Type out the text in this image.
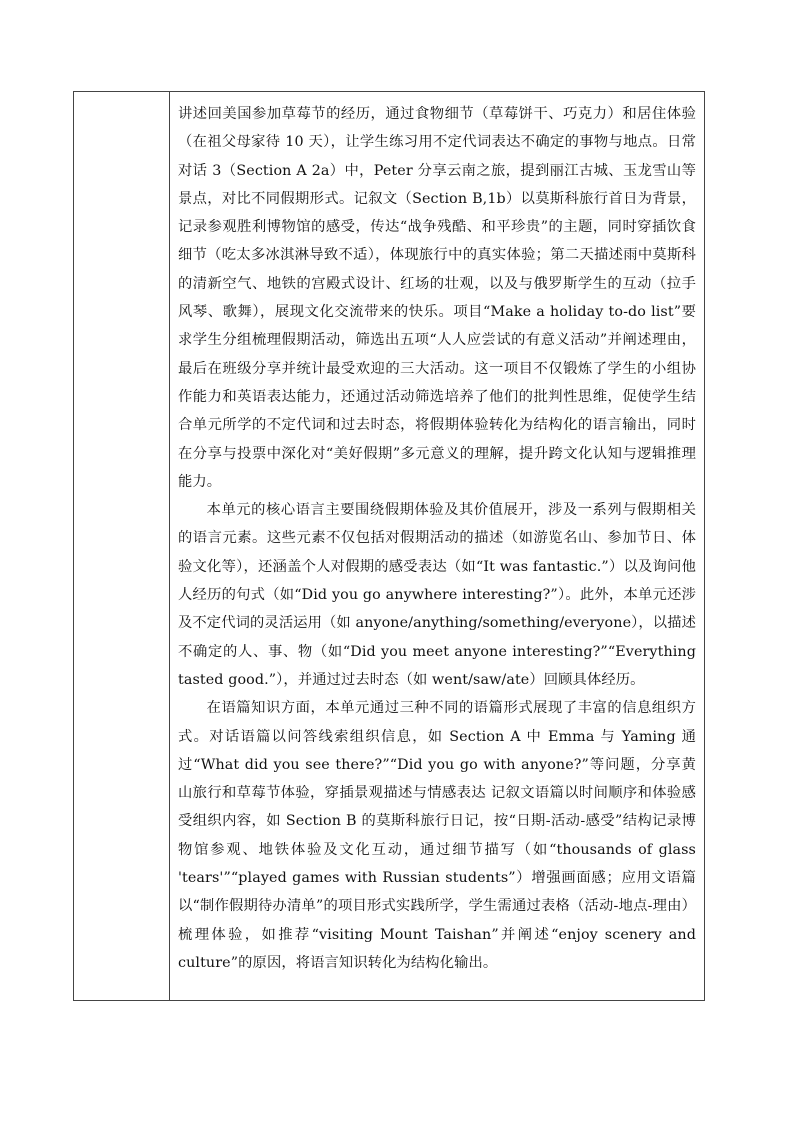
讲述回美国参加草莓节的经历，通过食物细节（草莓饼干、巧克力）和居住体验（在祖父母家待 10 天），让学生练习用不定代词表达不确定的事物与地点。日常对话 3（Section A 2a）中，Peter 分享云南之旅，提到丽江古城、玉龙雪山等景点，对比不同假期形式。记叙文（Section B,1b）以莫斯科旅行首日为背景，记录参观胜利博物馆的感受，传达“战争残酷、和平珍贵”的主题，同时穿插饮食细节（吃太多冰淇淋导致不适），体现旅行中的真实体验；第二天描述雨中莫斯科的清新空气、地铁的宫殿式设计、红场的壮观，以及与俄罗斯学生的互动（拉手风琴、歌舞），展现文化交流带来的快乐。项目“Make a holiday to-do list”要求学生分组梳理假期活动，筛选出五项“人人应尝试的有意义活动”并阐述理由，最后在班级分享并统计最受欢迎的三大活动。这一项目不仅锻炼了学生的小组协作能力和英语表达能力，还通过活动筛选培养了他们的批判性思维，促使学生结合单元所学的不定代词和过去时态，将假期体验转化为结构化的语言输出，同时在分享与投票中深化对“美好假期”多元意义的理解，提升跨文化认知与逻辑推理能力。

本单元的核心语言主要围绕假期体验及其价值展开，涉及一系列与假期相关的语言元素。这些元素不仅包括对假期活动的描述（如游览名山、参加节日、体验文化等），还涵盖个人对假期的感受表达（如“It was fantastic.”）以及询问他人经历的句式（如“Did you go anywhere interesting?”）。此外，本单元还涉及不定代词的灵活运用（如 anyone/anything/something/everyone），以描述不确定的人、事、物（如“Did you meet anyone interesting?”“Everything tasted good.”），并通过过去时态（如 went/saw/ate）回顾具体经历。

在语篇知识方面，本单元通过三种不同的语篇形式展现了丰富的信息组织方式。对话语篇以问答线索组织信息，如 Section A 中 Emma 与 Yaming 通过“What did you see there?”“Did you go with anyone?”等问题，分享黄山旅行和草莓节体验，穿插景观描述与情感表达 记叙文语篇以时间顺序和体验感受组织内容，如 Section B 的莫斯科旅行日记，按“日期-活动-感受”结构记录博物馆参观、地铁体验及文化互动，通过细节描写（如“thousands of glass 'tears'”“played games with Russian students”）增强画面感；应用文语篇以“制作假期待办清单”的项目形式实践所学，学生需通过表格（活动-地点-理由）梳理体验，如推荐“visiting Mount Taishan”并阐述“enjoy scenery and culture”的原因，将语言知识转化为结构化输出。
